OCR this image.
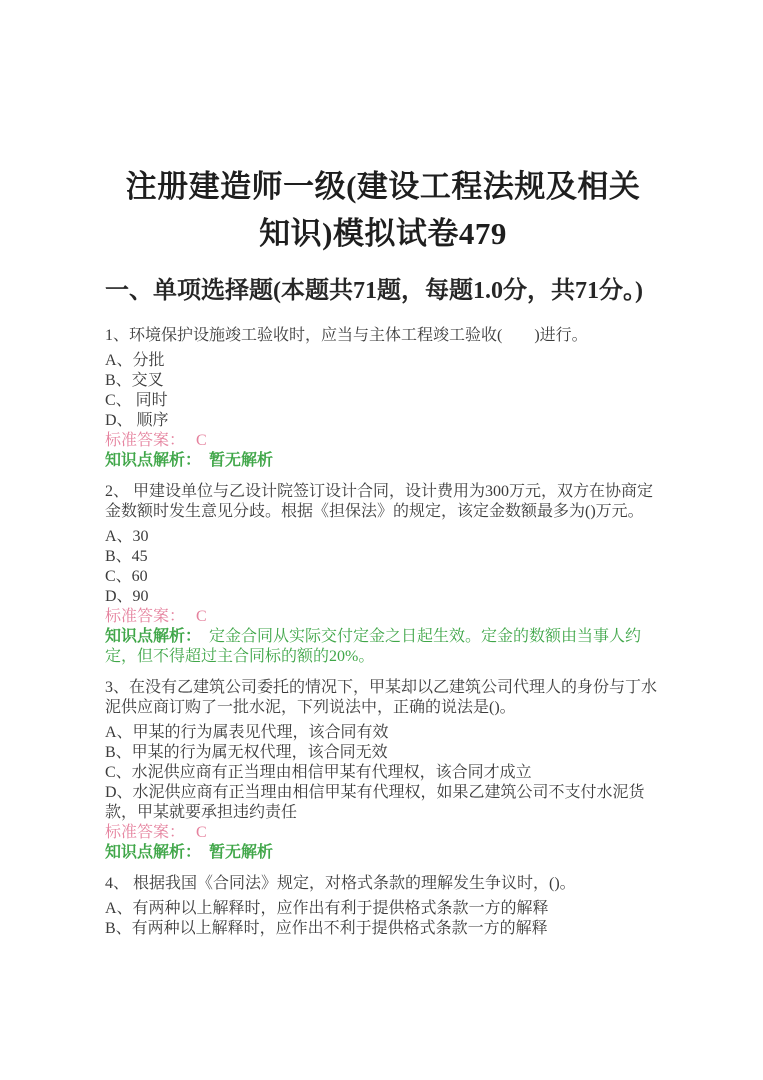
注册建造师一级(建设工程法规及相关知识)模拟试卷479
一、单项选择题(本题共71题，每题1.0分，共71分。)

1、环境保护设施竣工验收时，应当与主体工程竣工验收(　　)进行。

A、分批

B、交叉

C、 同时

D、 顺序

标准答案： C

知识点解析： 暂无解析

2、 甲建设单位与乙设计院签订设计合同，设计费用为300万元，双方在协商定金数额时发生意见分歧。根据《担保法》的规定，该定金数额最多为()万元。

A、30

B、45

C、60

D、90

标准答案： C

知识点解析： 定金合同从实际交付定金之日起生效。定金的数额由当事人约定，但不得超过主合同标的额的20%。

3、在没有乙建筑公司委托的情况下，甲某却以乙建筑公司代理人的身份与丁水泥供应商订购了一批水泥，下列说法中，正确的说法是()。

A、甲某的行为属表见代理，该合同有效

B、甲某的行为属无权代理，该合同无效

C、水泥供应商有正当理由相信甲某有代理权，该合同才成立

D、水泥供应商有正当理由相信甲某有代理权，如果乙建筑公司不支付水泥货款，甲某就要承担违约责任

标准答案： C

知识点解析： 暂无解析

4、 根据我国《合同法》规定，对格式条款的理解发生争议时，()。

A、有两种以上解释时，应作出有利于提供格式条款一方的解释

B、有两种以上解释时，应作出不利于提供格式条款一方的解释
